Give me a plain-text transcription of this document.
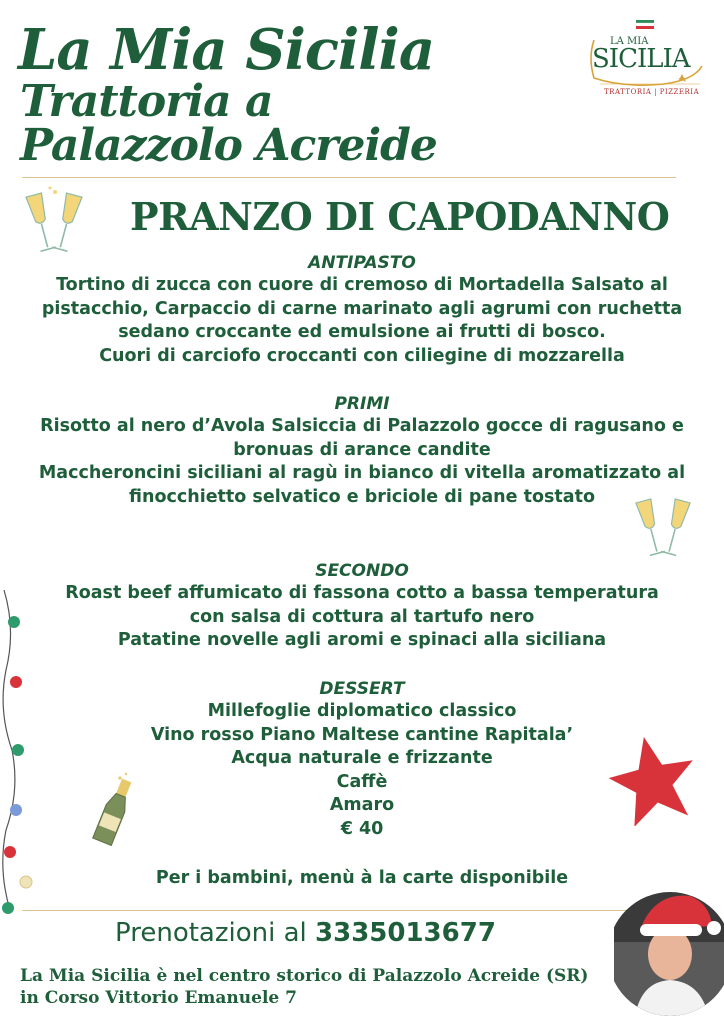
La Mia Sicilia
Trattoria a
Palazzolo Acreide
LA MIA
SICILIA
TRATTORIA | PIZZERIA
PRANZO DI CAPODANNO
ANTIPASTO

Tortino di zucca con cuore di cremoso di Mortadella Salsato al

pistacchio, Carpaccio di carne marinato agli agrumi con ruchetta

sedano croccante ed emulsione ai frutti di bosco.

Cuori di carciofo croccanti con ciliegine di mozzarella

PRIMI

Risotto al nero d’Avola Salsiccia di Palazzolo gocce di ragusano e

bronuas di arance candite

Maccheroncini siciliani al ragù in bianco di vitella aromatizzato al

finocchietto selvatico e briciole di pane tostato

SECONDO

Roast beef affumicato di fassona cotto a bassa temperatura

con salsa di cottura al tartufo nero

Patatine novelle agli aromi e spinaci alla siciliana

DESSERT

Millefoglie diplomatico classico

Vino rosso Piano Maltese cantine Rapitala’

Acqua naturale e frizzante

Caffè

Amaro

€ 40

Per i bambini, menù à la carte disponibile
Prenotazioni al 3335013677
La Mia Sicilia è nel centro storico di Palazzolo Acreide (SR)
in Corso Vittorio Emanuele 7
